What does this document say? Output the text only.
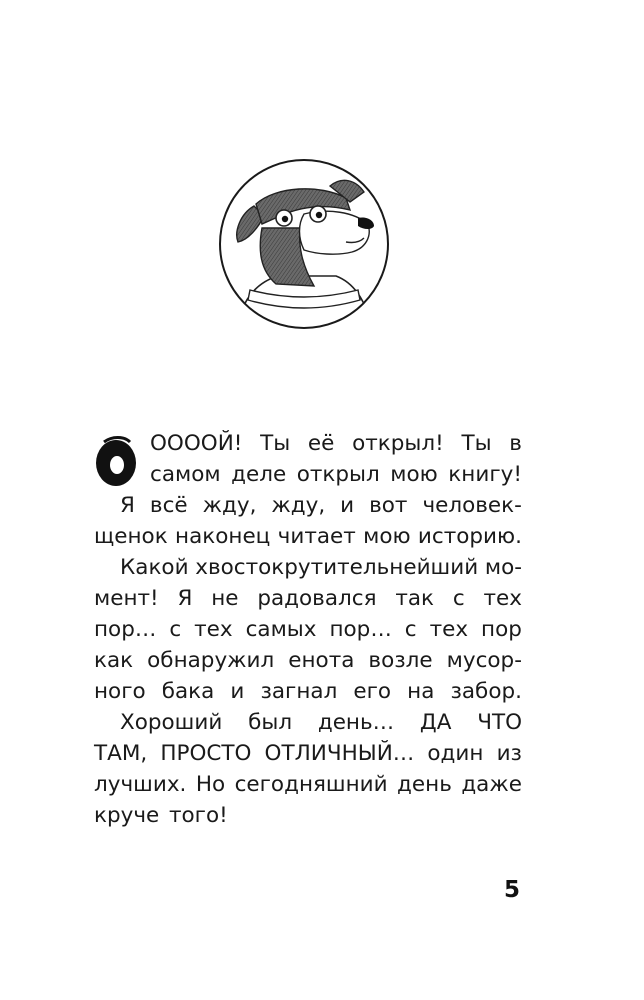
О	ООООЙ! Ты её открыл! Ты в
самом деле открыл мою книгу!
Я всё жду, жду, и вот человек-
щенок наконец читает мою историю.
Какой хвостокрутительнейший мо-
мент! Я не радовался так с тех
пор… с тех самых пор… с тех пор
как обнаружил енота возле мусор-
ного бака и загнал его на забор.
Хороший был день… ДА ЧТО
ТАМ, ПРОСТО ОТЛИЧНЫЙ… один из
лучших. Но сегодняшний день даже
круче того!
5
